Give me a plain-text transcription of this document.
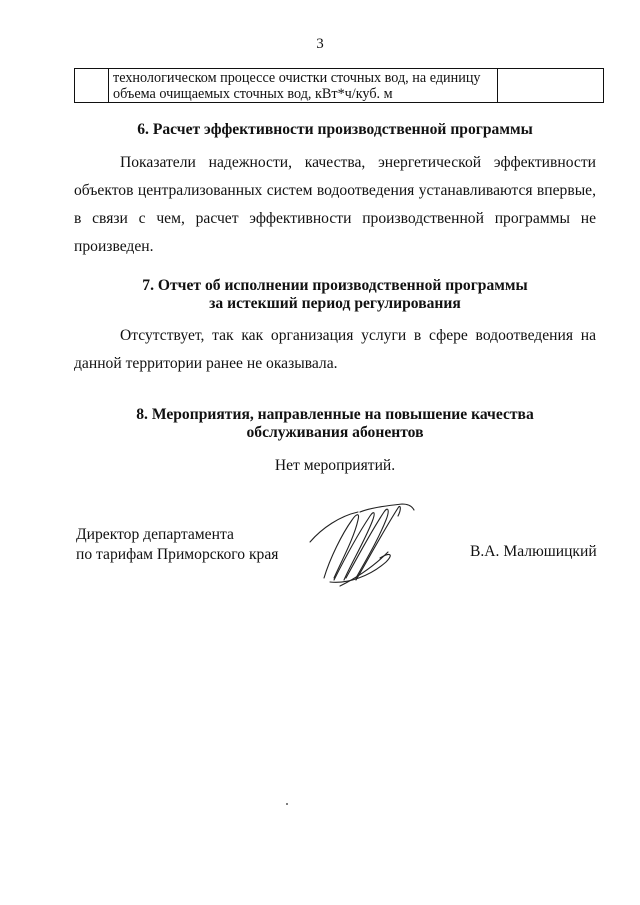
3

технологическом процессе очистки сточных вод, на единицу
объема очищаемых сточных вод, кВт*ч/куб. м

6. Расчет эффективности производственной программы
Показатели надежности, качества, энергетической эффективности объектов централизованных систем водоотведения устанавливаются впервые, в связи с чем, расчет эффективности производственной программы не произведен.
7. Отчет об исполнении производственной программы
за истекший период регулирования
Отсутствует, так как организация услуги в сфере водоотведения на данной территории ранее не оказывала.
8. Мероприятия, направленные на повышение качества
обслуживания абонентов
Нет мероприятий.
Директор департамента
по тарифам Приморского края	В.А. Малюшицкий
